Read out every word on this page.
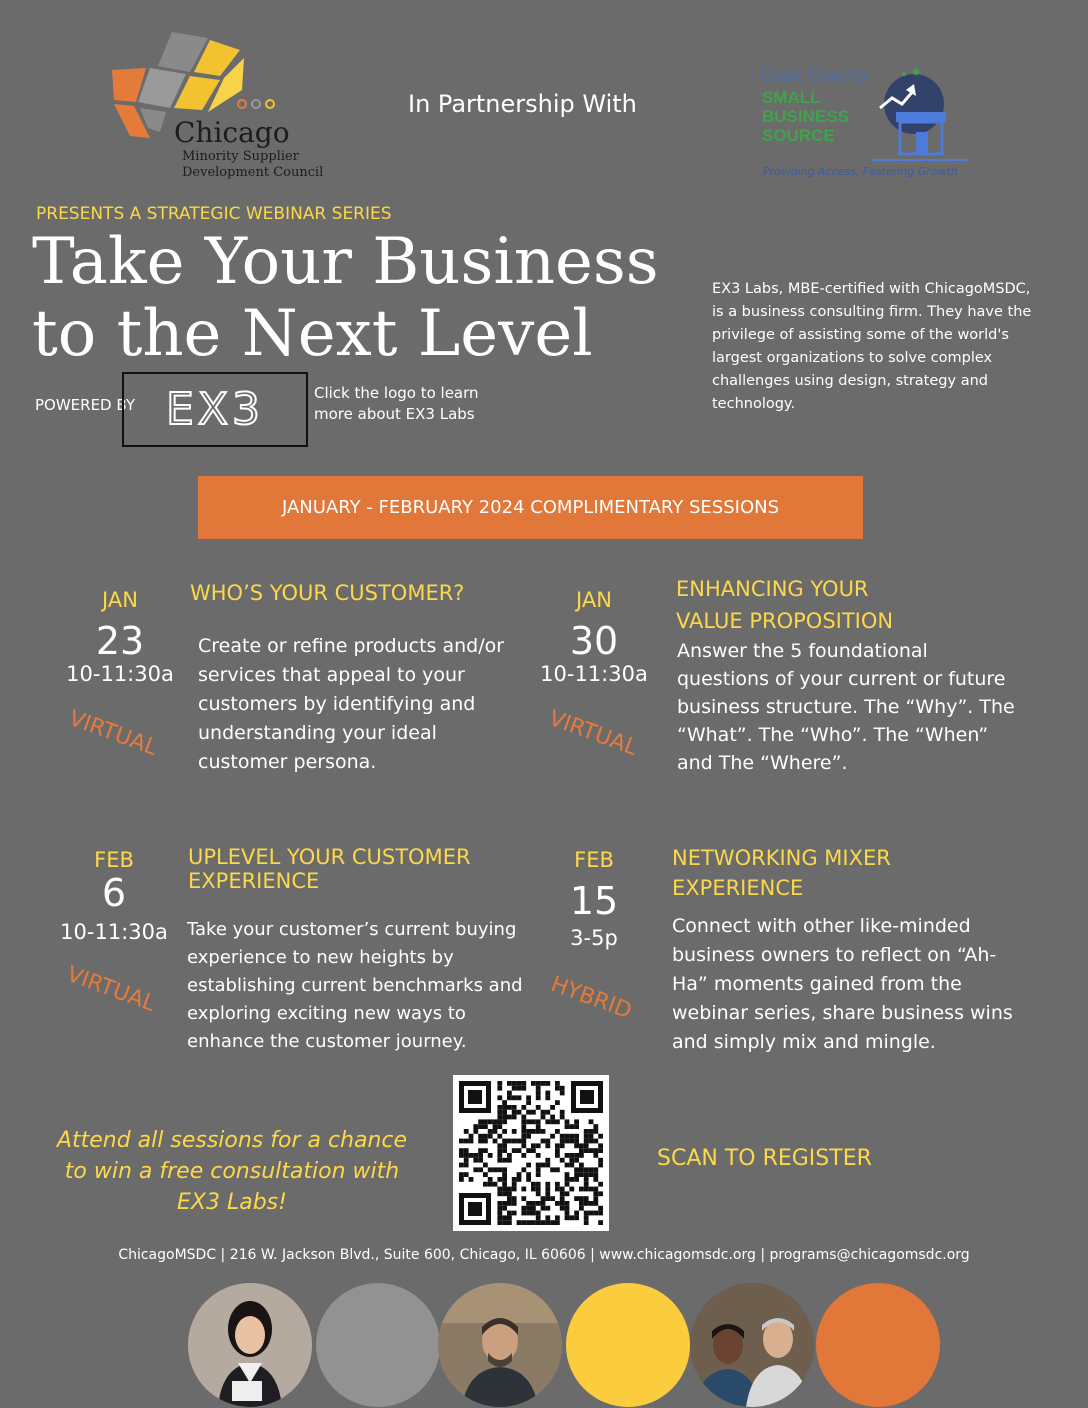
Chicago
Minority Supplier
Development Council
In Partnership With
Cook County
SMALL
BUSINESS
SOURCE
Providing Access, Fostering Growth
PRESENTS A STRATEGIC WEBINAR SERIES
Take Your Business
to the Next Level
POWERED BY EX3	Click the logo to learn
more about EX3 Labs
EX3 Labs, MBE-certified with ChicagoMSDC, is a business consulting firm. They have the privilege of assisting some of the world's largest organizations to solve complex challenges using design, strategy and technology.
JANUARY - FEBRUARY 2024 COMPLIMENTARY SESSIONS
JAN
23
10-11:30a
VIRTUAL
WHO’S YOUR CUSTOMER?
Create or refine products and/or services that appeal to your customers by identifying and understanding your ideal customer persona.
JAN
30
10-11:30a
VIRTUAL
ENHANCING YOUR
VALUE PROPOSITION
Answer the 5 foundational questions of your current or future business structure. The “Why”. The “What”. The “Who”. The “When” and The “Where”.
FEB
6
10-11:30a
VIRTUAL
UPLEVEL YOUR CUSTOMER
EXPERIENCE
Take your customer’s current buying experience to new heights by establishing current benchmarks and exploring exciting new ways to enhance the customer journey.
FEB
15
3-5p
HYBRID
NETWORKING MIXER
EXPERIENCE
Connect with other like-minded business owners to reflect on “Ah-Ha” moments gained from the webinar series, share business wins and simply mix and mingle.
Attend all sessions for a chance to win a free consultation with EX3 Labs!
SCAN TO REGISTER
ChicagoMSDC | 216 W. Jackson Blvd., Suite 600, Chicago, IL 60606 | www.chicagomsdc.org | programs@chicagomsdc.org
